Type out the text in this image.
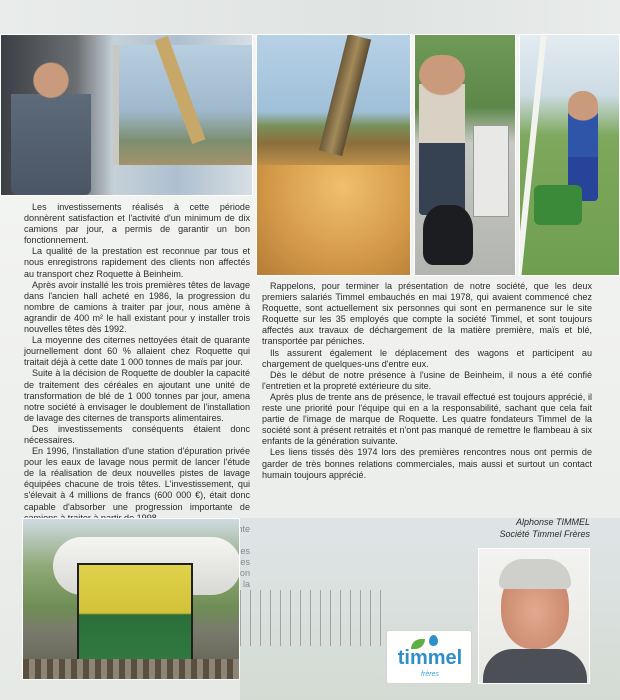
Les investissements réalisés à cette période donnèrent satisfaction et l'activité d'un minimum de dix camions par jour, a permis de garantir un bon fonctionnement.

La qualité de la prestation est reconnue par tous et nous enregistrons rapidement des clients non affectés au transport chez Roquette à Beinheim.

Après avoir installé les trois premières têtes de lavage dans l'ancien hall acheté en 1986, la progression du nombre de camions à traiter par jour, nous amène à agrandir de 400 m² le hall existant pour y installer trois nouvelles têtes dès 1992.

La moyenne des citernes nettoyées était de quarante journellement dont 60 % allaient chez Roquette qui traitait déjà à cette date 1 000 tonnes de maïs par jour.

Suite à la décision de Roquette de doubler la capacité de traitement des céréales en ajoutant une unité de transformation de blé de 1 000 tonnes par jour, amena notre société à envisager le doublement de l'installation de lavage des citernes de transports alimentaires.

Des investissements conséquents étaient donc nécessaires.

En 1996, l'installation d'une station d'épuration privée pour les eaux de lavage nous permit de lancer l'étude de la réalisation de deux nouvelles pistes de lavage équipées chacune de trois têtes. L'investissement, qui s'élevait à 4 millions de francs (600 000 €), était donc capable d'absorber une progression importante de

Rappelons, pour terminer la présentation de notre société, que les deux premiers salariés Timmel embauchés en mai 1978, qui avaient commencé chez Roquette, sont actuellement six personnes qui sont en permanence sur le site Roquette sur les 35 employés que compte la société Timmel, et sont toujours affectés aux travaux de déchargement de la matière première, maïs et blé, transportée par péniches.

Ils assurent également le déplacement des wagons et participent au chargement de quelques-uns d'entre eux.

Dès le début de notre présence à l'usine de Beinheim, il nous a été confié l'entretien et la propreté extérieure du site.

Après plus de trente ans de présence, le travail effectué est toujours apprécié, il reste une priorité pour l'équipe qui en a la responsabilité, sachant que cela fait partie de l'image de marque de Roquette. Les quatre fondateurs Timmel de la société sont à présent retraités et n'ont pas manqué de remettre le flambeau à six enfants de la génération suivante.

Les liens tissés dès 1974 lors des premières rencontres nous ont permis de garder de très bonnes relations commerciales, mais aussi et surtout un contact humain toujours apprécié.

Alphonse TIMMEL
Société Timmel Frères
timmel
frères
